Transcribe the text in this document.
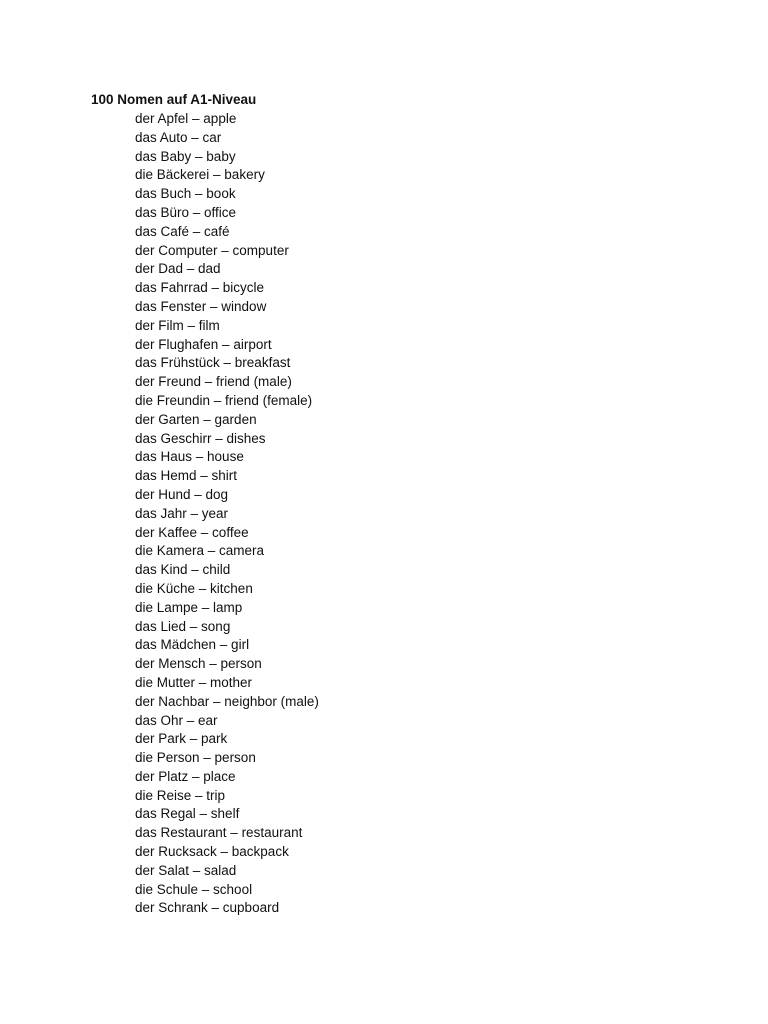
100 Nomen auf A1-Niveau
der Apfel – apple
das Auto – car
das Baby – baby
die Bäckerei – bakery
das Buch – book
das Büro – office
das Café – café
der Computer – computer
der Dad – dad
das Fahrrad – bicycle
das Fenster – window
der Film – film
der Flughafen – airport
das Frühstück – breakfast
der Freund – friend (male)
die Freundin – friend (female)
der Garten – garden
das Geschirr – dishes
das Haus – house
das Hemd – shirt
der Hund – dog
das Jahr – year
der Kaffee – coffee
die Kamera – camera
das Kind – child
die Küche – kitchen
die Lampe – lamp
das Lied – song
das Mädchen – girl
der Mensch – person
die Mutter – mother
der Nachbar – neighbor (male)
das Ohr – ear
der Park – park
die Person – person
der Platz – place
die Reise – trip
das Regal – shelf
das Restaurant – restaurant
der Rucksack – backpack
der Salat – salad
die Schule – school
der Schrank – cupboard
